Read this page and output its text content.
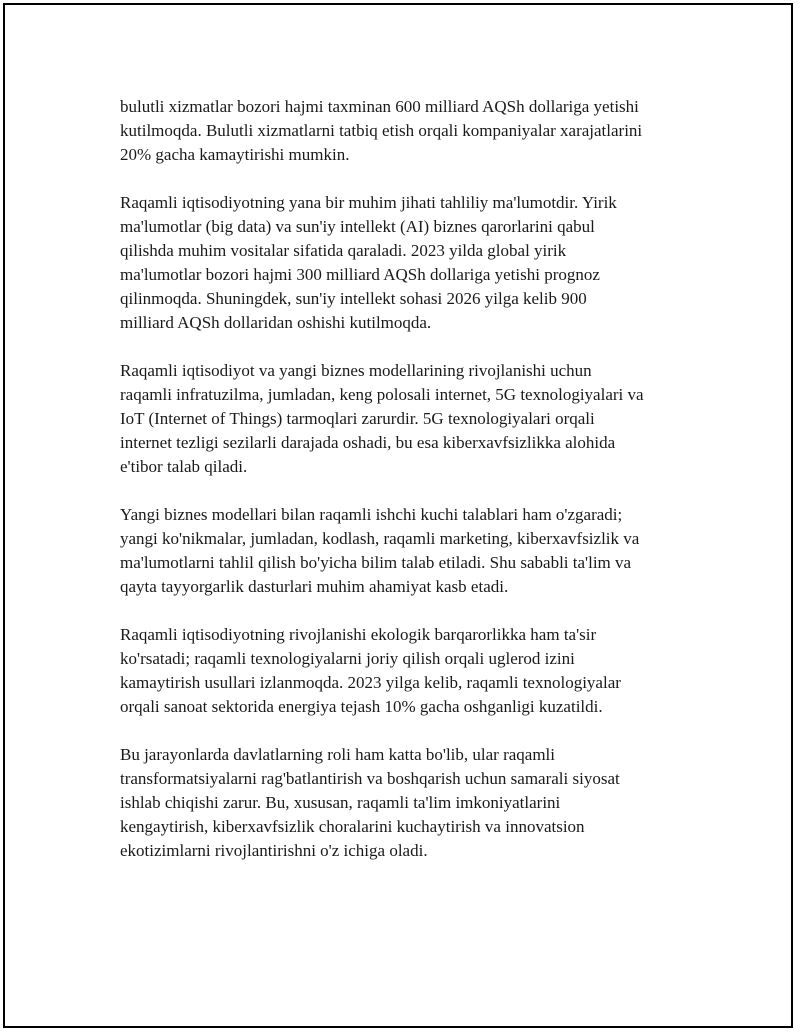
bulutli xizmatlar bozori hajmi taxminan 600 milliard AQSh dollariga yetishi
kutilmoqda. Bulutli xizmatlarni tatbiq etish orqali kompaniyalar xarajatlarini
20% gacha kamaytirishi mumkin.

Raqamli iqtisodiyotning yana bir muhim jihati tahliliy ma'lumotdir. Yirik
ma'lumotlar (big data) va sun'iy intellekt (AI) biznes qarorlarini qabul
qilishda muhim vositalar sifatida qaraladi. 2023 yilda global yirik
ma'lumotlar bozori hajmi 300 milliard AQSh dollariga yetishi prognoz
qilinmoqda. Shuningdek, sun'iy intellekt sohasi 2026 yilga kelib 900
milliard AQSh dollaridan oshishi kutilmoqda.

Raqamli iqtisodiyot va yangi biznes modellarining rivojlanishi uchun
raqamli infratuzilma, jumladan, keng polosali internet, 5G texnologiyalari va
IoT (Internet of Things) tarmoqlari zarurdir. 5G texnologiyalari orqali
internet tezligi sezilarli darajada oshadi, bu esa kiberxavfsizlikka alohida
e'tibor talab qiladi.

Yangi biznes modellari bilan raqamli ishchi kuchi talablari ham o'zgaradi;
yangi ko'nikmalar, jumladan, kodlash, raqamli marketing, kiberxavfsizlik va
ma'lumotlarni tahlil qilish bo'yicha bilim talab etiladi. Shu sababli ta'lim va
qayta tayyorgarlik dasturlari muhim ahamiyat kasb etadi.

Raqamli iqtisodiyotning rivojlanishi ekologik barqarorlikka ham ta'sir
ko'rsatadi; raqamli texnologiyalarni joriy qilish orqali uglerod izini
kamaytirish usullari izlanmoqda. 2023 yilga kelib, raqamli texnologiyalar
orqali sanoat sektorida energiya tejash 10% gacha oshganligi kuzatildi.

Bu jarayonlarda davlatlarning roli ham katta bo'lib, ular raqamli
transformatsiyalarni rag'batlantirish va boshqarish uchun samarali siyosat
ishlab chiqishi zarur. Bu, xususan, raqamli ta'lim imkoniyatlarini
kengaytirish, kiberxavfsizlik choralarini kuchaytirish va innovatsion
ekotizimlarni rivojlantirishni o'z ichiga oladi.
